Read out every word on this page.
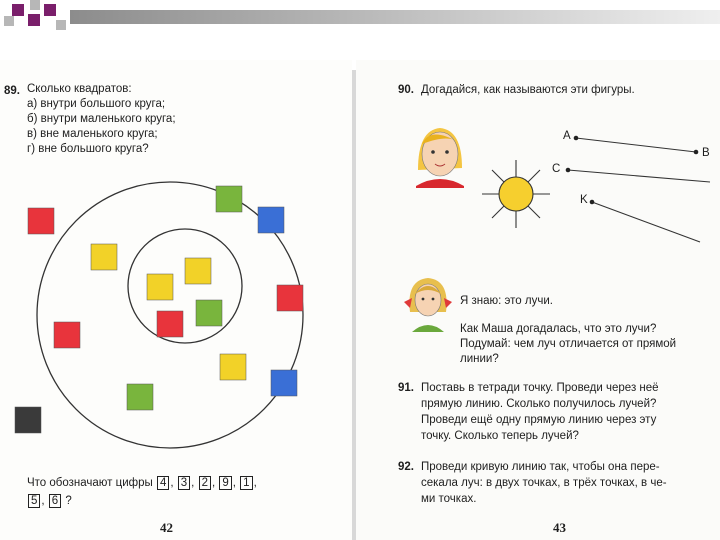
89. Сколько квадратов:
а) внутри большого круга;
б) внутри маленького круга;
в) вне маленького круга;
г) вне большого круга?
Что обозначают цифры 4 , 3 , 2 , 9 , 1 ,
5 , 6 ?
42
90. Догадайся, как называются эти фигуры.
A
B
C
K
Я знаю: это лучи.
Как Маша догадалась, что это лучи?
Подумай: чем луч отличается от прямой
линии?
91. Поставь в тетради точку. Проведи через неё
прямую линию. Сколько получилось лучей?
Проведи ещё одну прямую линию через эту
точку. Сколько теперь лучей?
92. Проведи кривую линию так, чтобы она пере-
секала луч: в двух точках, в трёх точках, в че-
ми точках.
43
